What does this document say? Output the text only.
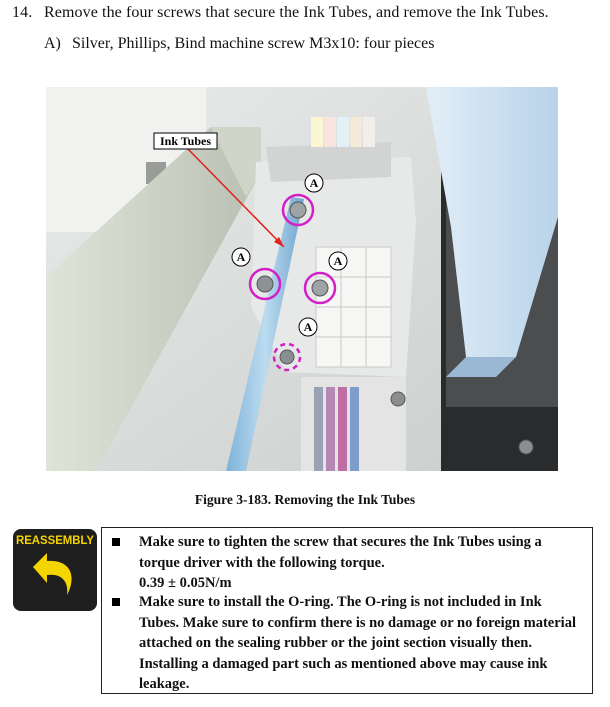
14. Remove the four screws that secure the Ink Tubes, and remove the Ink Tubes.
A) Silver, Phillips, Bind machine screw M3x10: four pieces
A
A	A
A
Ink Tubes
Figure 3-183. Removing the Ink Tubes
REASSEMBLY	Make sure to tighten the screw that secures the Ink Tubes using a torque driver with the following torque.
0.39 ± 0.05N/m
Make sure to install the O-ring. The O-ring is not included in Ink Tubes. Make sure to confirm there is no damage or no foreign material attached on the sealing rubber or the joint section visually then. Installing a damaged part such as mentioned above may cause ink leakage.
